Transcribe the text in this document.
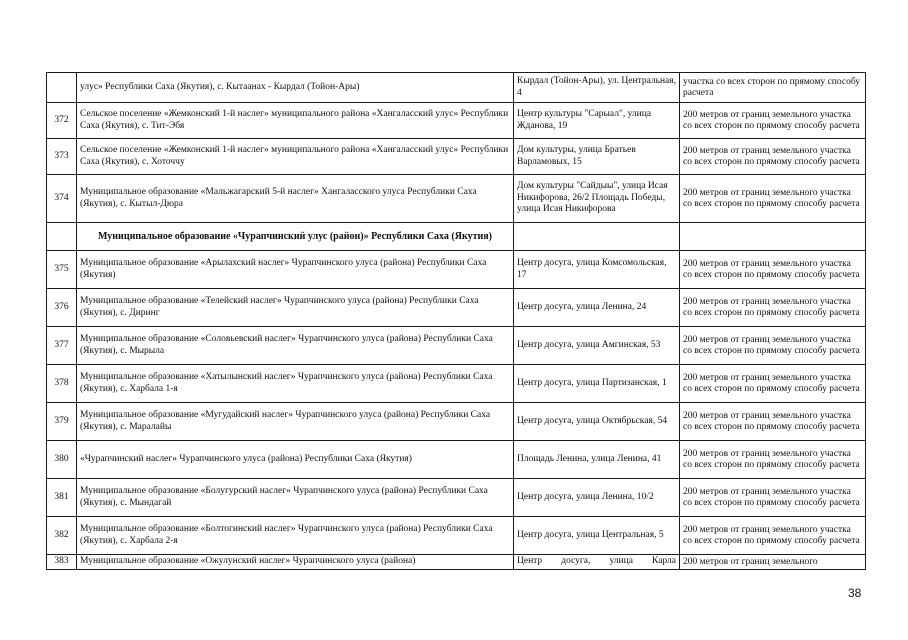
	улус» Республики Саха (Якутия), с. Кытаанах - Кырдал (Тойон-Ары)	Кырдал (Тойон-Ары), ул. Центральная, 4	участка со всех сторон по прямому способу расчета
372	Сельское поселение «Жемконский 1-й наслег» муниципального района «Хангаласский улус» Республики Саха (Якутия), с. Тит-Эбя	Центр культуры "Сарыал", улица Жданова, 19	200 метров от границ земельного участка со всех сторон по прямому способу расчета
373	Сельское поселение «Жемконский 1-й наслег» муниципального района «Хангаласский улус» Республики Саха (Якутия), с. Хоточчу	Дом культуры, улица Братьев Варламовых, 15	200 метров от границ земельного участка со всех сторон по прямому способу расчета
374	Муниципальное образование «Мальжагарский 5-й наслег» Хангаласского улуса Республики Саха (Якутия), с. Кытыл-Дюра	Дом культуры "Сайдыы", улица Исая Никифорова, 26/2 Площадь Победы, улица Исая Никифорова	200 метров от границ земельного участка со всех сторон по прямому способу расчета
	Муниципальное образование «Чурапчинский улус (район)» Республики Саха (Якутия)		
375	Муниципальное образование «Арылахский наслег» Чурапчинского улуса (района) Республики Саха (Якутия)	Центр досуга, улица Комсомольская, 17	200 метров от границ земельного участка со всех сторон по прямому способу расчета
376	Муниципальное образование «Телейский наслег» Чурапчинского улуса (района) Республики Саха (Якутия), с. Диринг	Центр досуга, улица Ленина, 24	200 метров от границ земельного участка со всех сторон по прямому способу расчета
377	Муниципальное образование «Соловьевский наслег» Чурапчинского улуса (района) Республики Саха (Якутия), с. Мырыла	Центр досуга, улица Амгинская, 53	200 метров от границ земельного участка со всех сторон по прямому способу расчета
378	Муниципальное образование «Хатылынский наслег» Чурапчинского улуса (района) Республики Саха (Якутия), с. Харбала 1-я	Центр досуга, улица Партизанская, 1	200 метров от границ земельного участка со всех сторон по прямому способу расчета
379	Муниципальное образование «Мугудайский наслег» Чурапчинского улуса (района) Республики Саха (Якутия), с. Маралайы	Центр досуга, улица Октябрьская, 54	200 метров от границ земельного участка со всех сторон по прямому способу расчета
380	«Чурапчинский наслег» Чурапчинского улуса (района) Республики Саха (Якутия)	Площадь Ленина, улица Ленина, 41	200 метров от границ земельного участка со всех сторон по прямому способу расчета
381	Муниципальное образование «Болугурский наслег» Чурапчинского улуса (района) Республики Саха (Якутия), с. Мындагай	Центр досуга, улица Ленина, 10/2	200 метров от границ земельного участка со всех сторон по прямому способу расчета
382	Муниципальное образование «Болтогинский наслег» Чурапчинского улуса (района) Республики Саха (Якутия), с. Харбала 2-я	Центр досуга, улица Центральная, 5	200 метров от границ земельного участка со всех сторон по прямому способу расчета
383	Муниципальное образование «Ожулунский наслег» Чурапчинского улуса (района)	Центр досуга, улица Карла	200 метров от границ земельного
38
